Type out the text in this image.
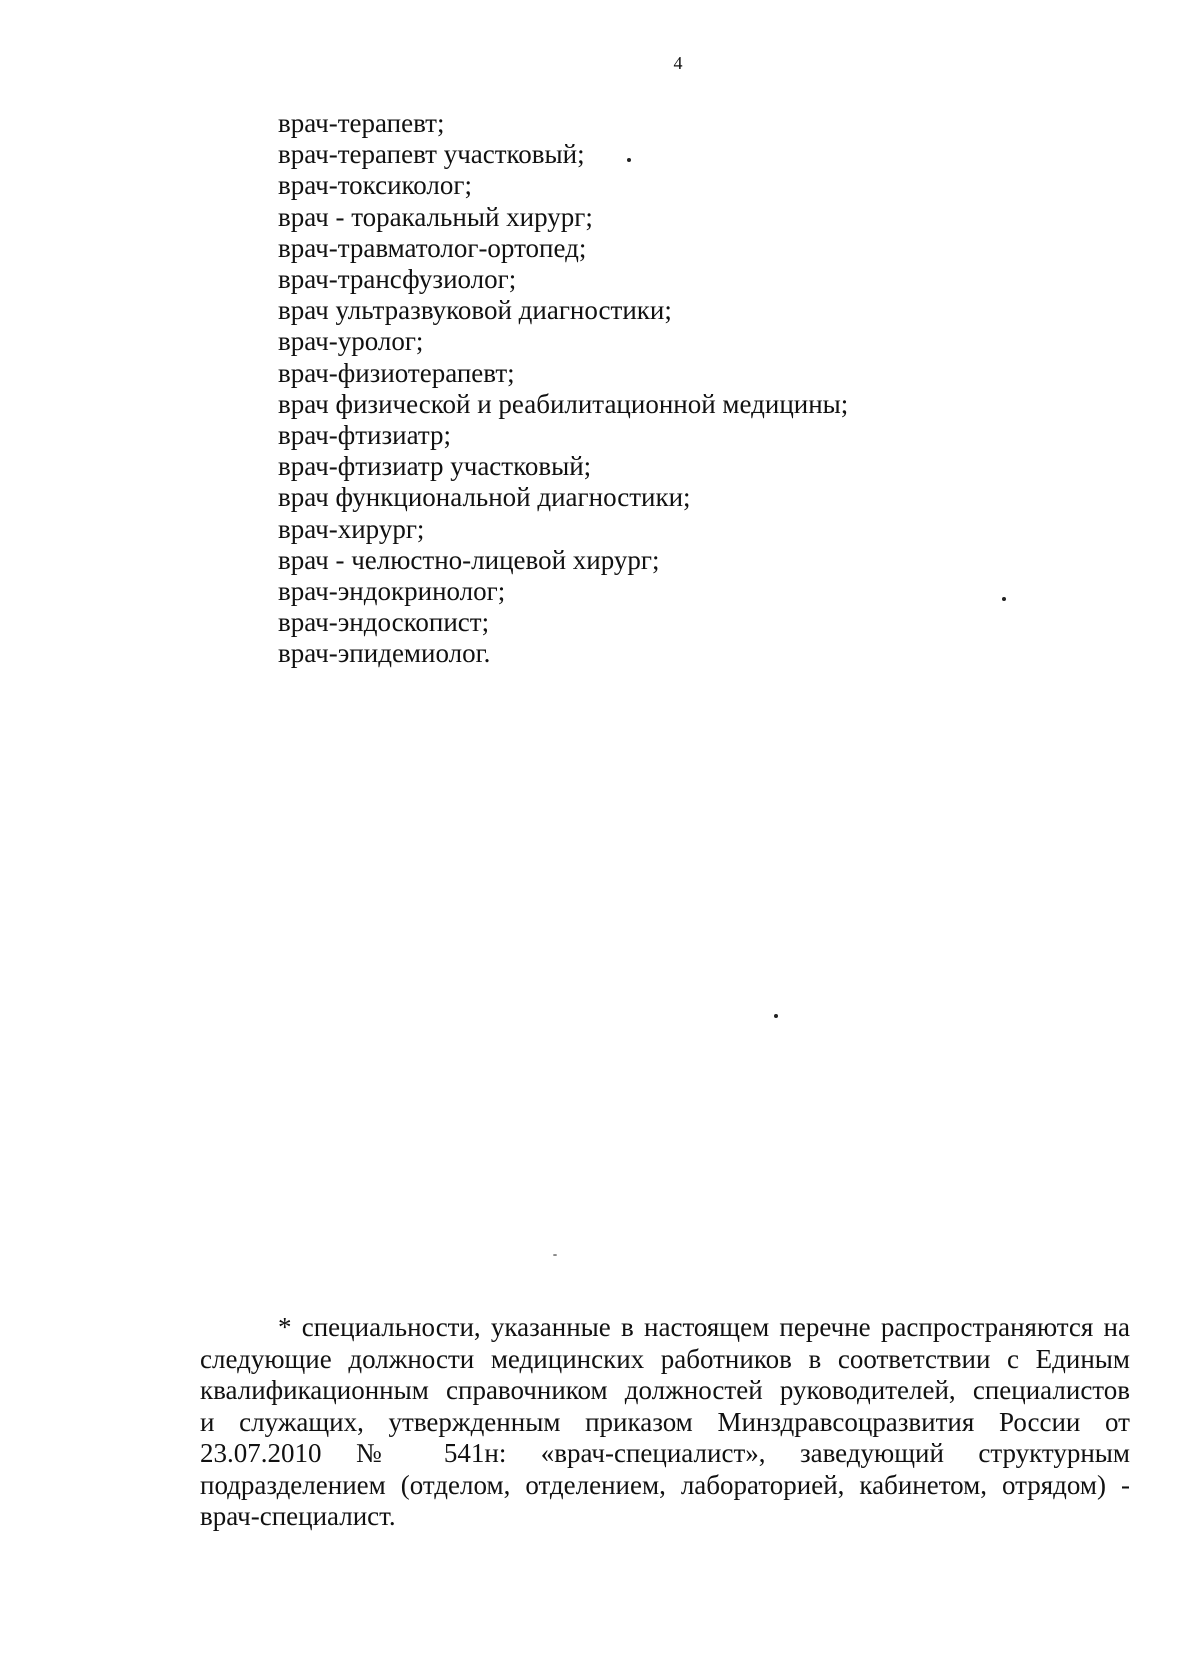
4
врач-терапевт;
врач-терапевт участковый;
врач-токсиколог;
врач - торакальный хирург;
врач-травматолог-ортопед;
врач-трансфузиолог;
врач ультразвуковой диагностики;
врач-уролог;
врач-физиотерапевт;
врач физической и реабилитационной медицины;
врач-фтизиатр;
врач-фтизиатр участковый;
врач функциональной диагностики;
врач-хирург;
врач - челюстно-лицевой хирург;
врач-эндокринолог;
врач-эндоскопист;
врач-эпидемиолог.
* специальности, указанные в настоящем перечне распространяются на
следующие должности медицинских работников в соответствии с Единым
квалификационным справочником должностей руководителей, специалистов
и служащих, утвержденным приказом Минздравсоцразвития России от
23.07.2010 № 541н: «врач-специалист», заведующий структурным
подразделением (отделом, отделением, лабораторией, кабинетом, отрядом) -
врач-специалист.
